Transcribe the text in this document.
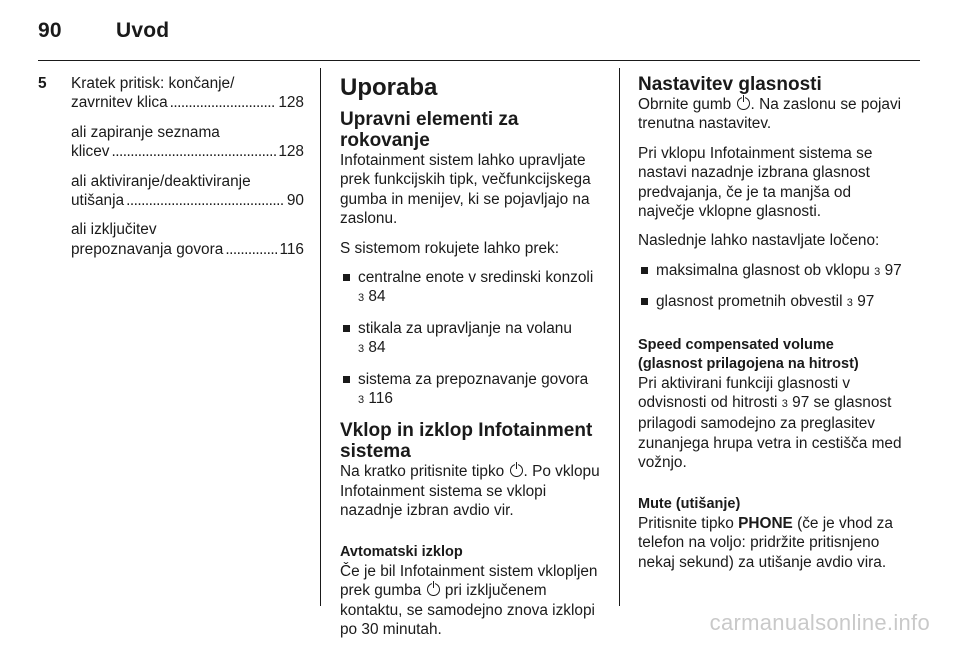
90	Uvod
5 Kratek pritisk: končanje/
zavrnitev klica . . .	128
ali zapiranje seznama
klicev . . .	128
ali aktiviranje/deaktiviranje
utišanja . . .	90
ali izključitev
prepoznavanja govora . . .	116
Uporaba
Upravni elementi za rokovanje

Infotainment sistem lahko upravljate prek funkcijskih tipk, večfunkcijskega gumba in menijev, ki se pojavljajo na zaslonu.

S sistemom rokujete lahko prek:

centralne enote v sredinski konzoli 3 84
stikala za upravljanje na volanu 3 84
sistema za prepoznavanje govora 3 116
Vklop in izklop Infotainment sistema

Na kratko pritisnite tipko . Po vklopu Infotainment sistema se vklopi nazadnje izbran avdio vir.

Avtomatski izklop

Če je bil Infotainment sistem vklopljen prek gumba pri izključenem kontaktu, se samodejno znova izklopi po 30 minutah.

Nastavitev glasnosti

Obrnite gumb . Na zaslonu se pojavi trenutna nastavitev.

Pri vklopu Infotainment sistema se nastavi nazadnje izbrana glasnost predvajanja, če je ta manjša od največje vklopne glasnosti.

Naslednje lahko nastavljate ločeno:

maksimalna glasnost ob vklopu 3 97
glasnost prometnih obvestil 3 97
Speed compensated volume
(glasnost prilagojena na hitrost)

Pri aktivirani funkciji glasnosti v odvisnosti od hitrosti 3 97 se glasnost prilagodi samodejno za preglasitev zunanjega hrupa vetra in cestišča med vožnjo.

Mute (utišanje)

Pritisnite tipko PHONE (če je vhod za telefon na voljo: pridržite pritisnjeno nekaj sekund) za utišanje avdio vira.

carmanualsonline.info
